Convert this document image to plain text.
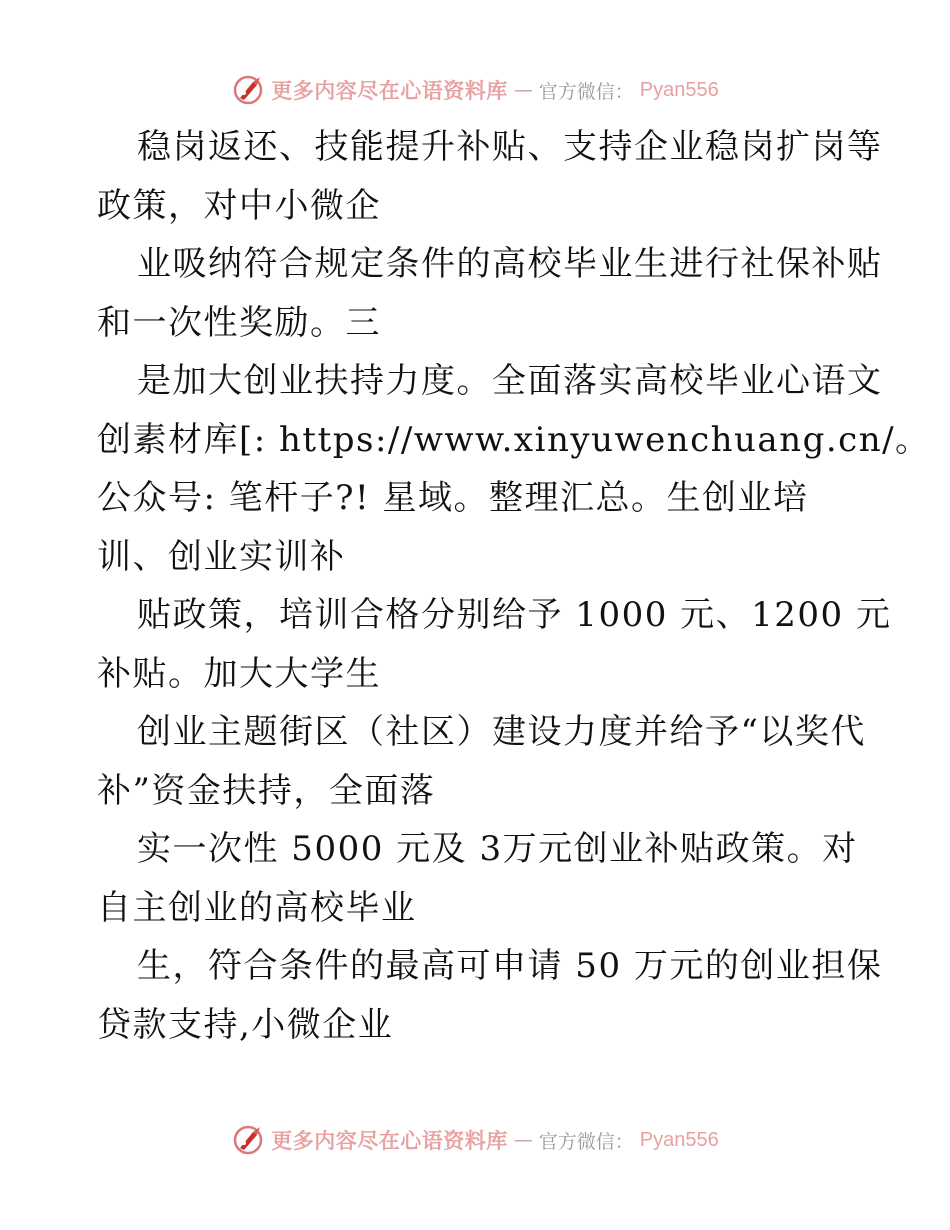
更多内容尽在心语资料库 — 官方微信： Pyan556
稳岗返还、技能提升补贴、支持企业稳岗扩岗等
政策，对中小微企
业吸纳符合规定条件的高校毕业生进行社保补贴
和一次性奖励。三
是加大创业扶持力度。全面落实高校毕业心语文
创素材库[: https://www.xinyuwenchuang.cn/。
公众号: 笔杆子?! 星域。整理汇总。生创业培
训、创业实训补
贴政策，培训合格分别给予 1000 元、1200 元
补贴。加大大学生
创业主题街区（社区）建设力度并给予“以奖代
补”资金扶持，全面落
实一次性 5000 元及 3万元创业补贴政策。对
自主创业的高校毕业
生，符合条件的最高可申请 50 万元的创业担保
贷款支持,小微企业
更多内容尽在心语资料库 — 官方微信： Pyan556
